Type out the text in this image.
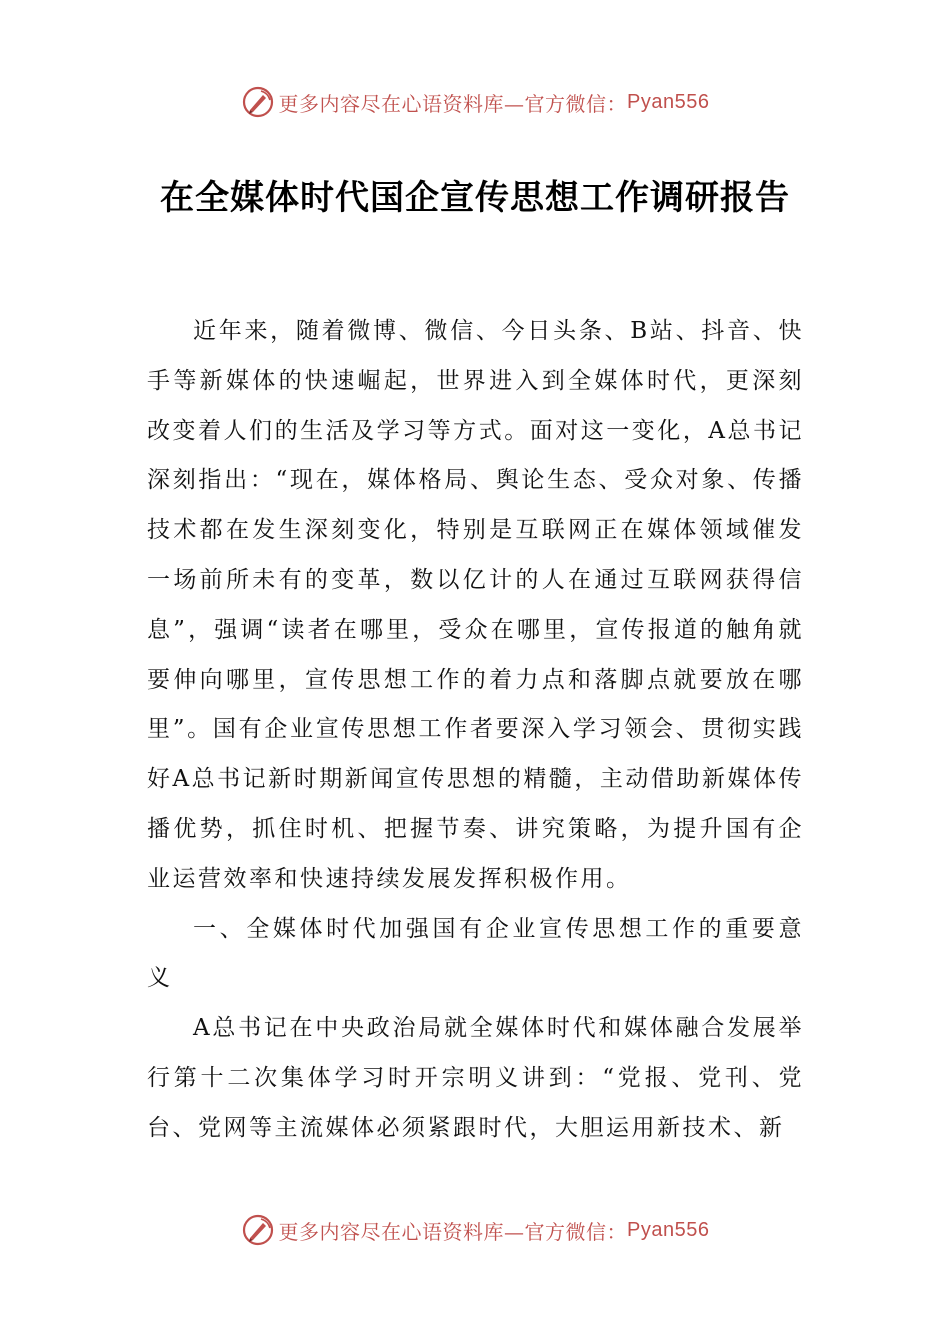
更多内容尽在心语资料库—官方微信： Pyan556
在全媒体时代国企宣传思想工作调研报告

近年来，随着微博、微信、今日头条、B站、抖音、快手等新媒体的快速崛起，世界进入到全媒体时代，更深刻改变着人们的生活及学习等方式。面对这一变化，A总书记深刻指出：“现在，媒体格局、舆论生态、受众对象、传播技术都在发生深刻变化，特别是互联网正在媒体领域催发一场前所未有的变革，数以亿计的人在通过互联网获得信息”，强调“读者在哪里，受众在哪里，宣传报道的触角就要伸向哪里，宣传思想工作的着力点和落脚点就要放在哪里”。国有企业宣传思想工作者要深入学习领会、贯彻实践好A总书记新时期新闻宣传思想的精髓，主动借助新媒体传播优势，抓住时机、把握节奏、讲究策略，为提升国有企业运营效率和快速持续发展发挥积极作用。

一、全媒体时代加强国有企业宣传思想工作的重要意义

A总书记在中央政治局就全媒体时代和媒体融合发展举行第十二次集体学习时开宗明义讲到：“党报、党刊、党台、党网等主流媒体必须紧跟时代，大胆运用新技术、新

更多内容尽在心语资料库—官方微信： Pyan556
